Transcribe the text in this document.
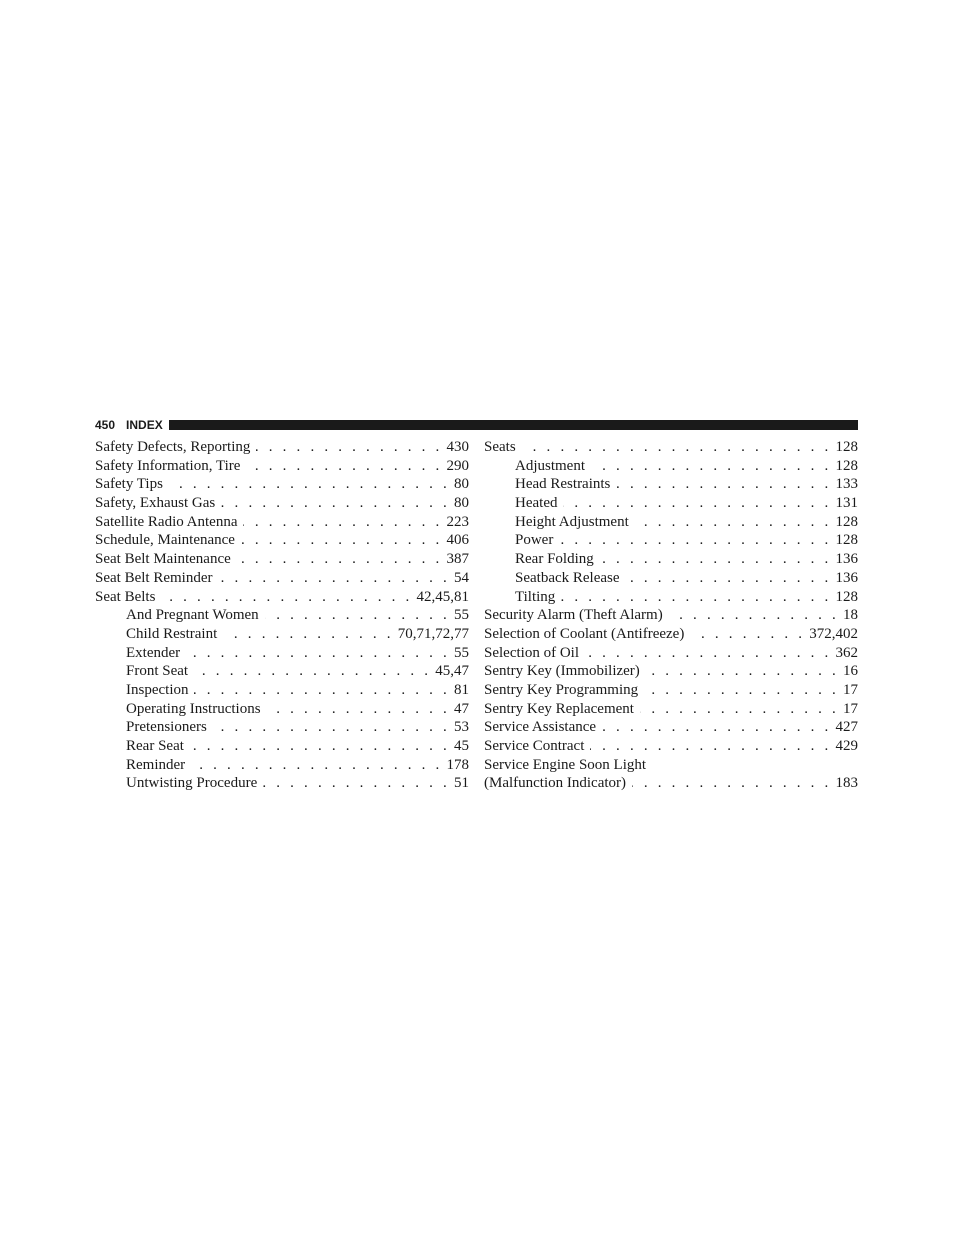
450 INDEX
Safety Defects, Reporting . . .	430
Safety Information, Tire . . .	290
Safety Tips . . .	80
Safety, Exhaust Gas . . .	80
Satellite Radio Antenna . . .	223
Schedule, Maintenance . . .	406
Seat Belt Maintenance . . .	387
Seat Belt Reminder . . .	54
Seat Belts . . .	42,45,81
And Pregnant Women . . .	55
Child Restraint . . .	70,71,72,77
Extender . . .	55
Front Seat . . .	45,47
Inspection . . .	81
Operating Instructions . . .	47
Pretensioners . . .	53
Rear Seat . . .	45
Reminder . . .	178
Untwisting Procedure . . .	51
Seats . . .	128
Adjustment . . .	128
Head Restraints . . .	133
Heated . . .	131
Height Adjustment . . .	128
Power . . .	128
Rear Folding . . .	136
Seatback Release . . .	136
Tilting . . .	128
Security Alarm (Theft Alarm) . . .	18
Selection of Coolant (Antifreeze) . . .	372,402
Selection of Oil . . .	362
Sentry Key (Immobilizer) . . .	16
Sentry Key Programming . . .	17
Sentry Key Replacement . . .	17
Service Assistance . . .	427
Service Contract . . .	429
Service Engine Soon Light
(Malfunction Indicator) . . .	183
